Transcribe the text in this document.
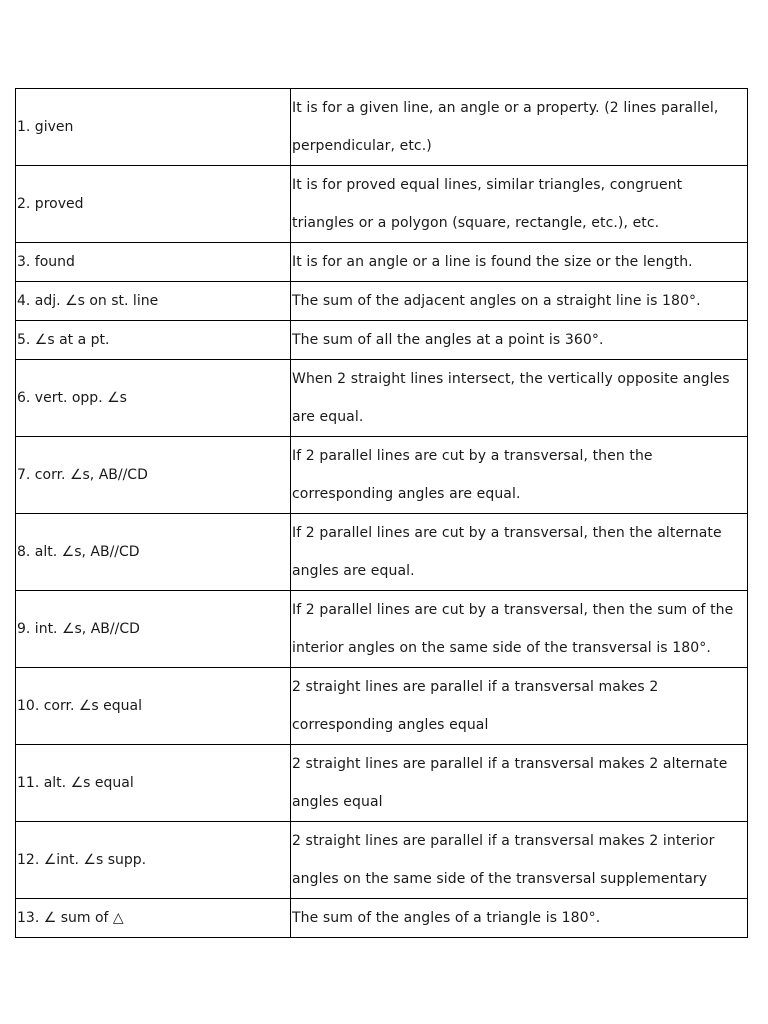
1. given	It is for a given line, an angle or a property. (2 lines parallel,
perpendicular, etc.)

2. proved	It is for proved equal lines, similar triangles, congruent
triangles or a polygon (square, rectangle, etc.), etc.

3. found	It is for an angle or a line is found the size or the length.

4. adj. ∠s on st. line	The sum of the adjacent angles on a straight line is 180°.

5. ∠s at a pt.	The sum of all the angles at a point is 360°.

6. vert. opp. ∠s	When 2 straight lines intersect, the vertically opposite angles
are equal.

7. corr. ∠s, AB//CD	If 2 parallel lines are cut by a transversal, then the
corresponding angles are equal.

8. alt. ∠s, AB//CD	If 2 parallel lines are cut by a transversal, then the alternate
angles are equal.

9. int. ∠s, AB//CD	If 2 parallel lines are cut by a transversal, then the sum of the
interior angles on the same side of the transversal is 180°.

10. corr. ∠s equal	2 straight lines are parallel if a transversal makes 2
corresponding angles equal

11. alt. ∠s equal	2 straight lines are parallel if a transversal makes 2 alternate
angles equal

12. ∠int. ∠s supp.	2 straight lines are parallel if a transversal makes 2 interior
angles on the same side of the transversal supplementary

13. ∠ sum of △	The sum of the angles of a triangle is 180°.
